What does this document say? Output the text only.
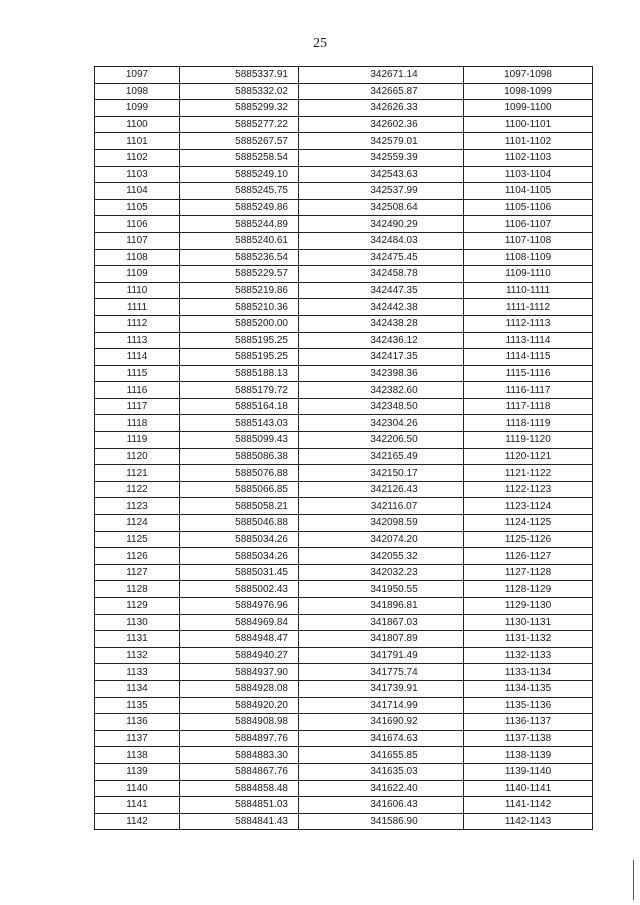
25
1097	5885337.91	342671.14	1097-1098
1098	5885332.02	342665.87	1098-1099
1099	5885299.32	342626.33	1099-1100
1100	5885277.22	342602.36	1100-1101
1101	5885267.57	342579.01	1101-1102
1102	5885258.54	342559.39	1102-1103
1103	5885249.10	342543.63	1103-1104
1104	5885245.75	342537.99	1104-1105
1105	5885249.86	342508.64	1105-1106
1106	5885244.89	342490.29	1106-1107
1107	5885240.61	342484.03	1107-1108
1108	5885236.54	342475.45	1108-1109
1109	5885229.57	342458.78	1109-1110
1110	5885219.86	342447.35	1110-1111
1111	5885210.36	342442.38	1111-1112
1112	5885200.00	342438.28	1112-1113
1113	5885195.25	342436.12	1113-1114
1114	5885195.25	342417.35	1114-1115
1115	5885188.13	342398.36	1115-1116
1116	5885179.72	342382.60	1116-1117
1117	5885164.18	342348.50	1117-1118
1118	5885143.03	342304.26	1118-1119
1119	5885099.43	342206.50	1119-1120
1120	5885086.38	342165.49	1120-1121
1121	5885076.88	342150.17	1121-1122
1122	5885066.85	342126.43	1122-1123
1123	5885058.21	342116.07	1123-1124
1124	5885046.88	342098.59	1124-1125
1125	5885034.26	342074.20	1125-1126
1126	5885034.26	342055.32	1126-1127
1127	5885031.45	342032.23	1127-1128
1128	5885002.43	341950.55	1128-1129
1129	5884976.96	341896.81	1129-1130
1130	5884969.84	341867.03	1130-1131
1131	5884948.47	341807.89	1131-1132
1132	5884940.27	341791.49	1132-1133
1133	5884937.90	341775.74	1133-1134
1134	5884928.08	341739.91	1134-1135
1135	5884920.20	341714.99	1135-1136
1136	5884908.98	341690.92	1136-1137
1137	5884897.76	341674.63	1137-1138
1138	5884883.30	341655.85	1138-1139
1139	5884867.76	341635.03	1139-1140
1140	5884858.48	341622.40	1140-1141
1141	5884851.03	341606.43	1141-1142
1142	5884841.43	341586.90	1142-1143
